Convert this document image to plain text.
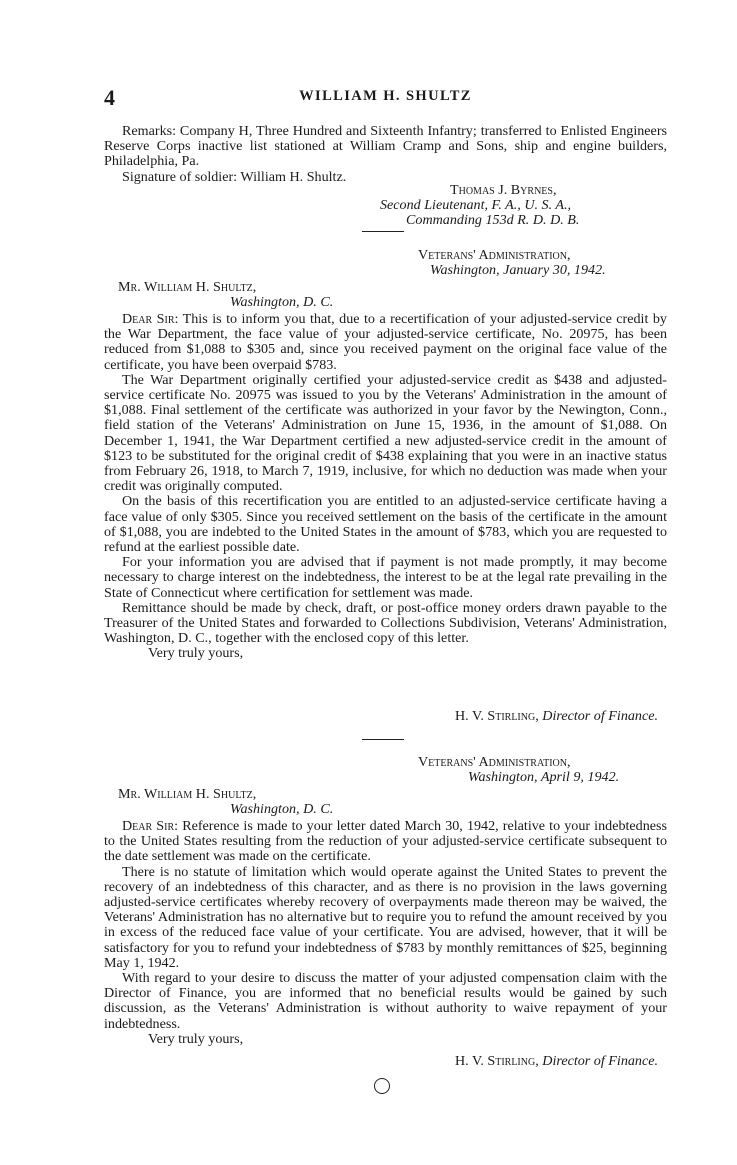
4	WILLIAM H. SHULTZ

Remarks: Company H, Three Hundred and Sixteenth Infantry; transferred to Enlisted Engineers Reserve Corps inactive list stationed at William Cramp and Sons, ship and engine builders, Philadelphia, Pa.

Signature of soldier: William H. Shultz.

Thomas J. Byrnes,

Second Lieutenant, F. A., U. S. A.,

Commanding 153d R. D. D. B.

Veterans' Administration,

Washington, January 30, 1942.

Mr. William H. Shultz,

Washington, D. C.

Dear Sir: This is to inform you that, due to a recertification of your adjusted-service credit by the War Department, the face value of your adjusted-service certificate, No. 20975, has been reduced from $1,088 to $305 and, since you received payment on the original face value of the certificate, you have been overpaid $783.

The War Department originally certified your adjusted-service credit as $438 and adjusted-service certificate No. 20975 was issued to you by the Veterans' Administration in the amount of $1,088. Final settlement of the certificate was authorized in your favor by the Newington, Conn., field station of the Veterans' Administration on June 15, 1936, in the amount of $1,088. On December 1, 1941, the War Department certified a new adjusted-service credit in the amount of $123 to be substituted for the original credit of $438 explaining that you were in an inactive status from February 26, 1918, to March 7, 1919, inclusive, for which no deduction was made when your credit was originally computed.

On the basis of this recertification you are entitled to an adjusted-service certificate having a face value of only $305. Since you received settlement on the basis of the certificate in the amount of $1,088, you are indebted to the United States in the amount of $783, which you are requested to refund at the earliest possible date.

For your information you are advised that if payment is not made promptly, it may become necessary to charge interest on the indebtedness, the interest to be at the legal rate prevailing in the State of Connecticut where certification for settlement was made.

Remittance should be made by check, draft, or post-office money orders drawn payable to the Treasurer of the United States and forwarded to Collections Subdivision, Veterans' Administration, Washington, D. C., together with the enclosed copy of this letter.

Very truly yours,

H. V. Stirling, Director of Finance.

Veterans' Administration,

Washington, April 9, 1942.

Mr. William H. Shultz,

Washington, D. C.

Dear Sir: Reference is made to your letter dated March 30, 1942, relative to your indebtedness to the United States resulting from the reduction of your adjusted-service certificate subsequent to the date settlement was made on the certificate.

There is no statute of limitation which would operate against the United States to prevent the recovery of an indebtedness of this character, and as there is no provision in the laws governing adjusted-service certificates whereby recovery of overpayments made thereon may be waived, the Veterans' Administration has no alternative but to require you to refund the amount received by you in excess of the reduced face value of your certificate. You are advised, however, that it will be satisfactory for you to refund your indebtedness of $783 by monthly remittances of $25, beginning May 1, 1942.

With regard to your desire to discuss the matter of your adjusted compensation claim with the Director of Finance, you are informed that no beneficial results would be gained by such discussion, as the Veterans' Administration is without authority to waive repayment of your indebtedness.

Very truly yours,

H. V. Stirling, Director of Finance.
